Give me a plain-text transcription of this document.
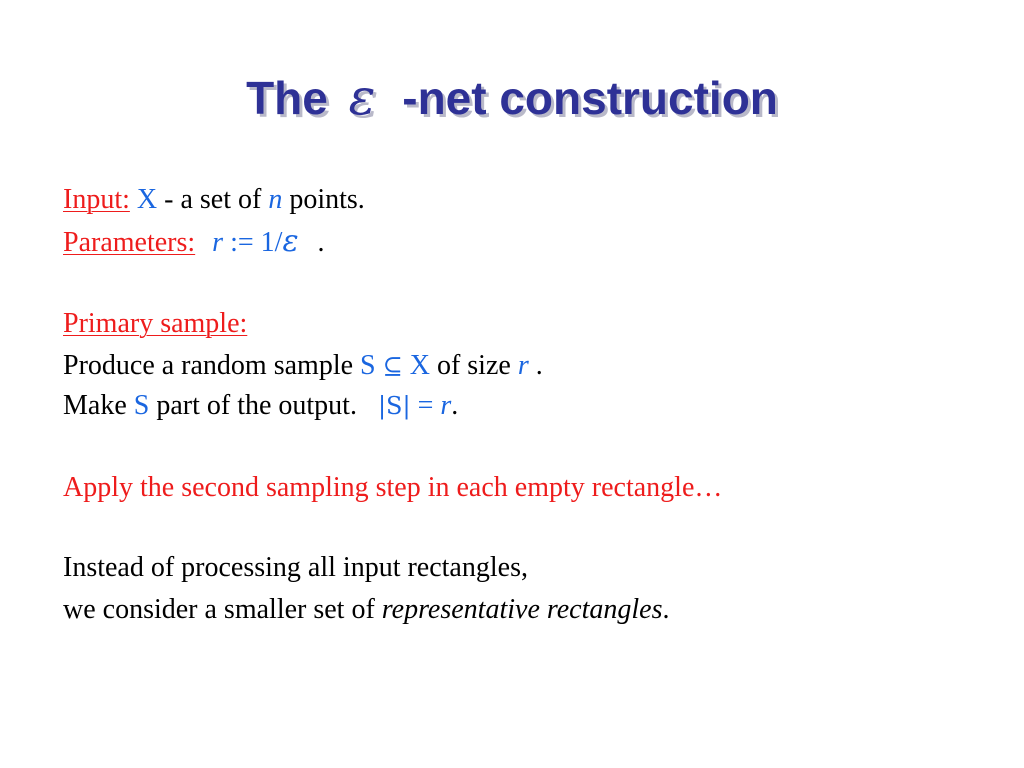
The ε -net construction
Input: X - a set of n points.
Parameters: r := 1/ε .
Primary sample:
Produce a random sample S ⊆ X of size r .
Make S part of the output. |S| = r.
Apply the second sampling step in each empty rectangle…
Instead of processing all input rectangles,
we consider a smaller set of representative rectangles.
